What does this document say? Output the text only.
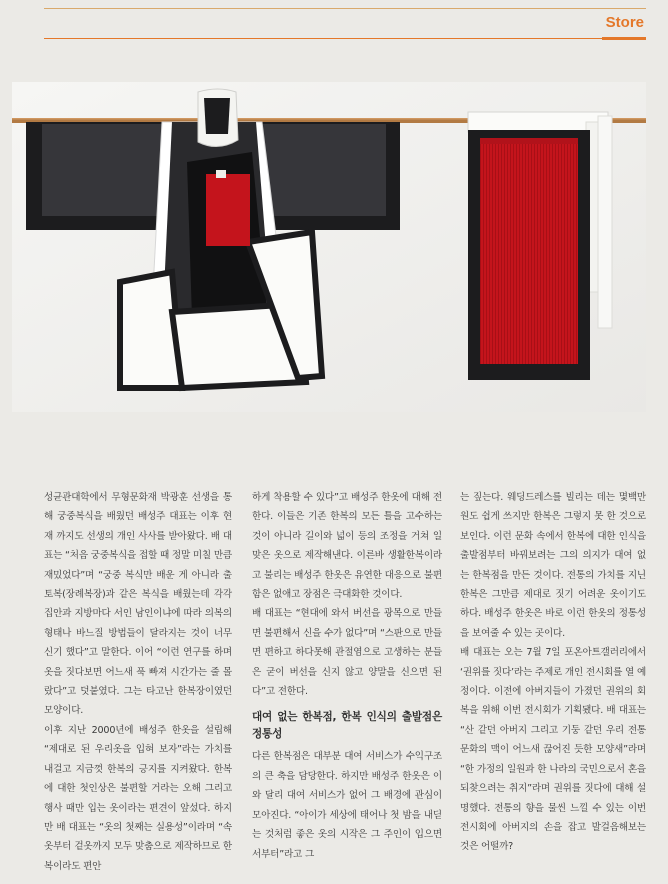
Store

성균관대학에서 무형문화재 박광훈 선생을 통해 궁중복식을 배웠던 배성주 대표는 이후 현재 까지도 선생의 개인 사사를 받아왔다. 배 대표는 “처음 궁중복식을 접할 때 정말 미칠 만큼 재밌었다”며 “궁중 복식만 배운 게 아니라 출토복(장례복장)과 같은 복식을 배웠는데 각각 집안과 지방마다 서인 남인이냐에 따라 의복의 형태나 바느질 방법들이 달라지는 것이 너무 신기 했다”고 말한다. 이어 “이런 연구를 하며 옷을 짓다보면 어느새 푹 빠져 시간가는 줄 몰랐다”고 덧붙였다. 그는 타고난 한복장이였던 모양이다.

이후 지난 2000년에 배성주 한옷을 설립해 “제대로 된 우리옷을 입혀 보자”라는 가치를 내걸고 지금껏 한복의 긍지를 지켜왔다. 한복에 대한 첫인상은 불편할 거라는 오해 그리고 행사 때만 입는 옷이라는 편견이 앞섰다. 하지만 배 대표는 “옷의 첫째는 실용성”이라며 “속옷부터 겉옷까지 모두 맞춤으로 제작하므로 한복이라도 편안

하게 착용할 수 있다”고 배성주 한옷에 대해 전한다. 이들은 기존 한복의 모든 틀을 고수하는 것이 아니라 길이와 넓이 등의 조정을 거쳐 일맞은 옷으로 제작해낸다. 이른바 생활한복이라고 불리는 배성주 한옷은 유연한 대응으로 불편함은 없애고 장점은 극대화한 것이다.

배 대표는 “현대에 와서 버선을 광목으로 만들면 불편해서 신을 수가 없다”며 “스판으로 만들면 편하고 하다못해 관절염으로 고생하는 분들은 굳이 버선을 신지 않고 양말을 신으면 된다”고 전한다.

대여 없는 한복점, 한복 인식의 출발점은 정통성

다른 한복점은 대부분 대여 서비스가 수익구조의 큰 축을 담당한다. 하지만 배성주 한옷은 이와 달리 대여 서비스가 없어 그 배경에 관심이 모아진다. “아이가 세상에 태어나 첫 밤을 내딛는 것처럼 좋은 옷의 시작은 그 주인이 입으면서부터”라고 그

는 짚는다. 웨딩드레스를 빌리는 데는 몇백만원도 쉽게 쓰지만 한복은 그렇지 못 한 것으로 보인다. 이런 문화 속에서 한복에 대한 인식을 출발점부터 바꿔보려는 그의 의지가 대여 없는 한복점을 만든 것이다. 전통의 가치를 지닌 한복은 그만큼 제대로 짓기 어려운 옷이기도 하다. 배성주 한옷은 바로 이런 한옷의 정통성을 보여줄 수 있는 곳이다.

배 대표는 오는 7월 7일 포온아트갤러리에서 ‘권위를 짓다’라는 주제로 개인 전시회를 열 예정이다. 이전에 아버지들이 가졌던 권위의 회복을 위해 이번 전시회가 기획됐다. 배 대표는 “산 같던 아버지 그리고 기둥 같던 우리 전통 문화의 맥이 어느새 끊어진 듯한 모양새”라며 “한 가정의 일원과 한 나라의 국민으로서 혼을 되찾으려는 취지”라며 권위를 짓다에 대해 설명했다. 전통의 향을 물씬 느낄 수 있는 이번 전시회에 아버지의 손을 잡고 발걸음해보는 것은 어떨까?
